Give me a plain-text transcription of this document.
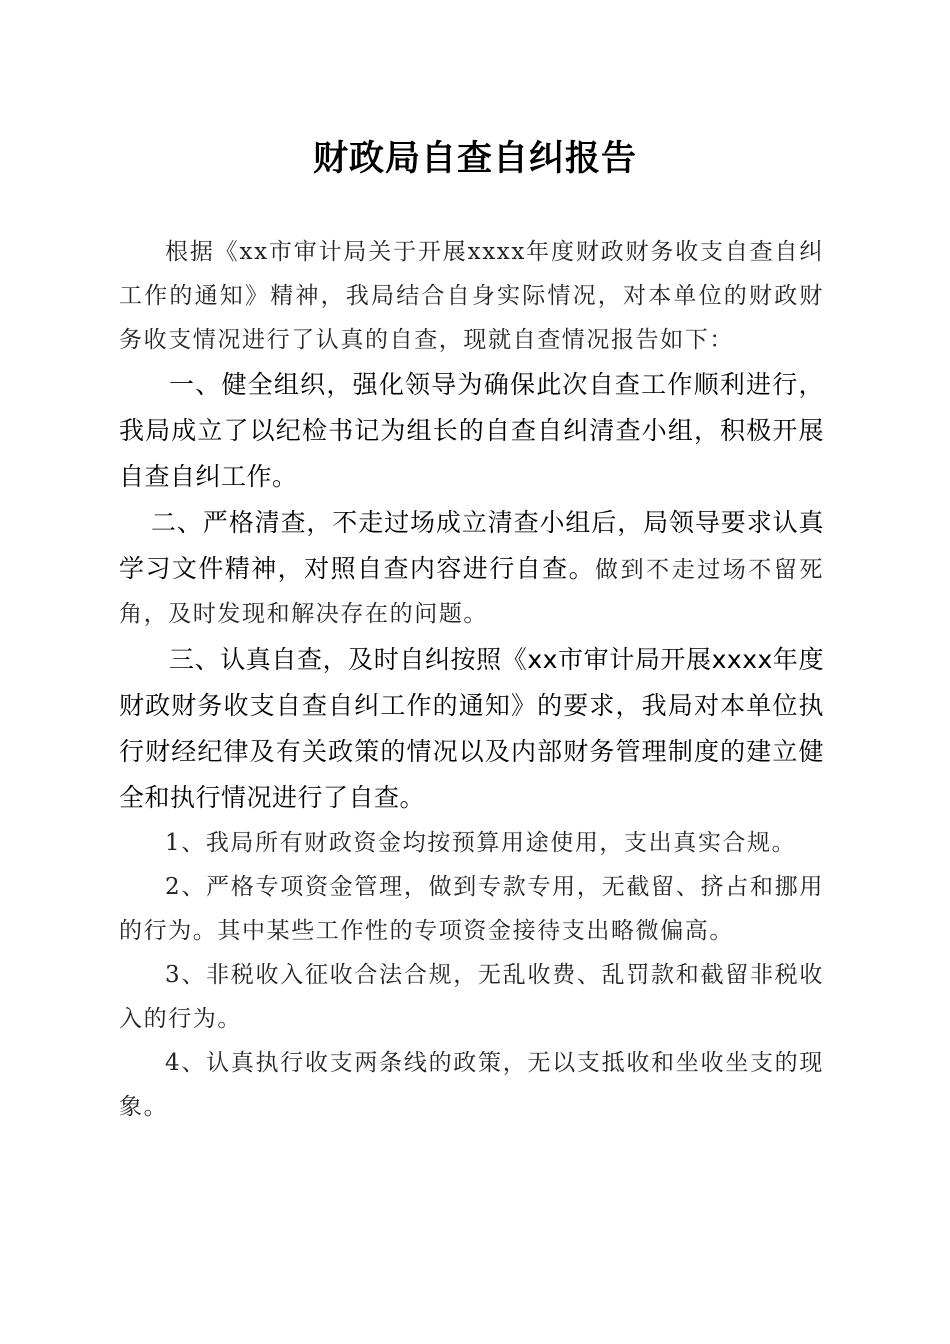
财政局自查自纠报告

根据《xx市审计局关于开展xxxx年度财政财务收支自查自纠工作的通知》精神，我局结合自身实际情况，对本单位的财政财务收支情况进行了认真的自查，现就自查情况报告如下：

一、健全组织，强化领导为确保此次自查工作顺利进行，我局成立了以纪检书记为组长的自查自纠清查小组，积极开展自查自纠工作。

二、严格清查，不走过场成立清查小组后，局领导要求认真学习文件精神，对照自查内容进行自查。做到不走过场不留死角，及时发现和解决存在的问题。

三、认真自查，及时自纠按照《xx市审计局开展xxxx年度财政财务收支自查自纠工作的通知》的要求，我局对本单位执行财经纪律及有关政策的情况以及内部财务管理制度的建立健全和执行情况进行了自查。

1、我局所有财政资金均按预算用途使用，支出真实合规。

2、严格专项资金管理，做到专款专用，无截留、挤占和挪用的行为。其中某些工作性的专项资金接待支出略微偏高。

3、非税收入征收合法合规，无乱收费、乱罚款和截留非税收入的行为。

4、认真执行收支两条线的政策，无以支抵收和坐收坐支的现象。
